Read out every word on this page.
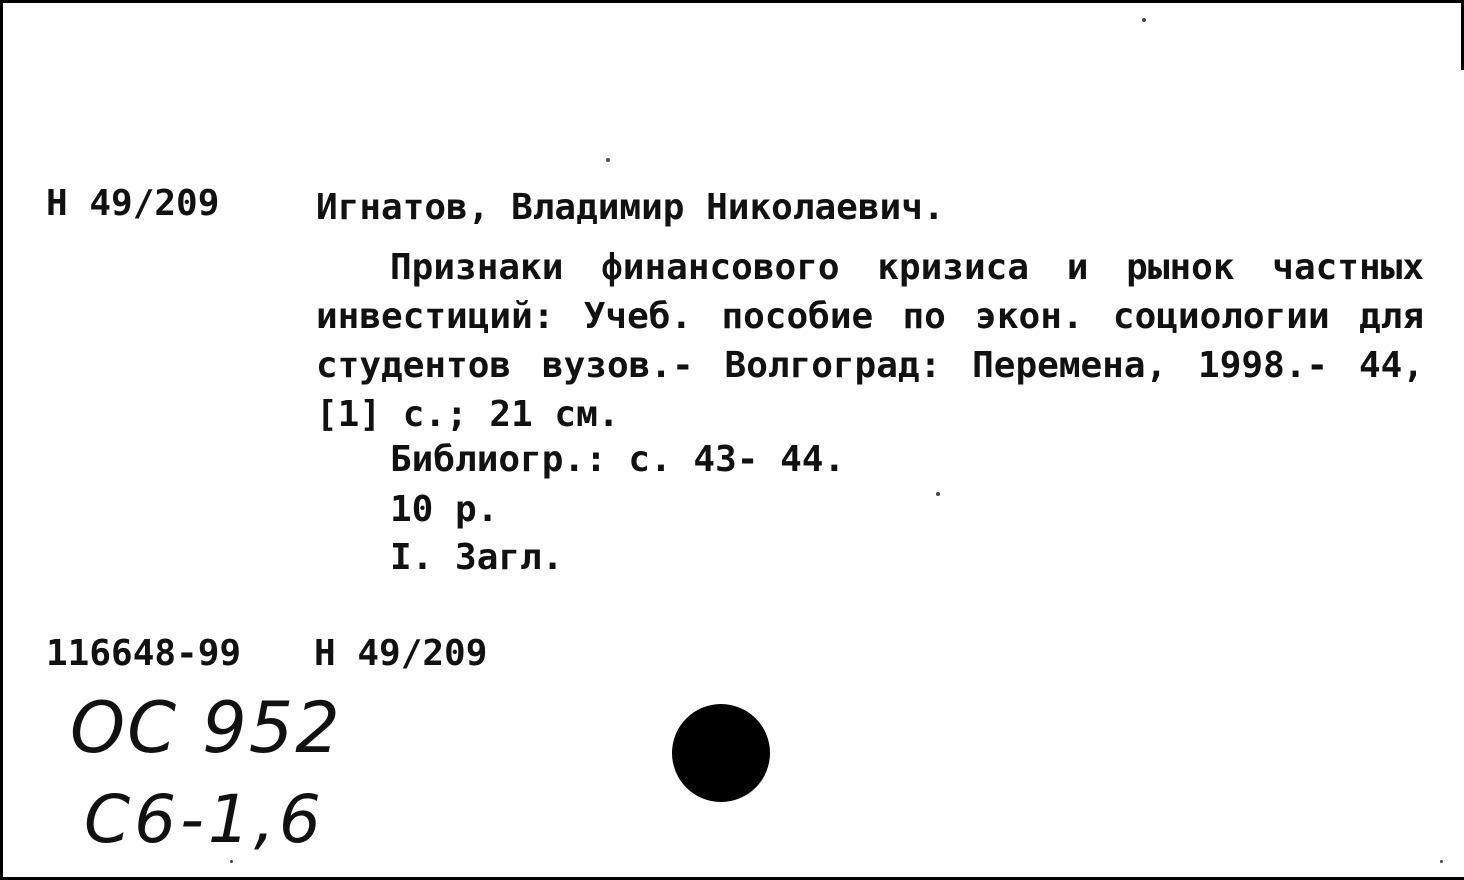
Н 49/209	Игнатов, Владимир Николаевич.
Признаки финансового кризиса и рынок частных инвестиций: Учеб. пособие по экон. социологии для студентов вузов.- Волгоград: Перемена, 1998.- 44, [1] с.; 21 см.
Библиогр.: с. 43- 44.
10 р.
I. Загл.
116648-99 Н 49/209
ОС 952
С6-1,6
